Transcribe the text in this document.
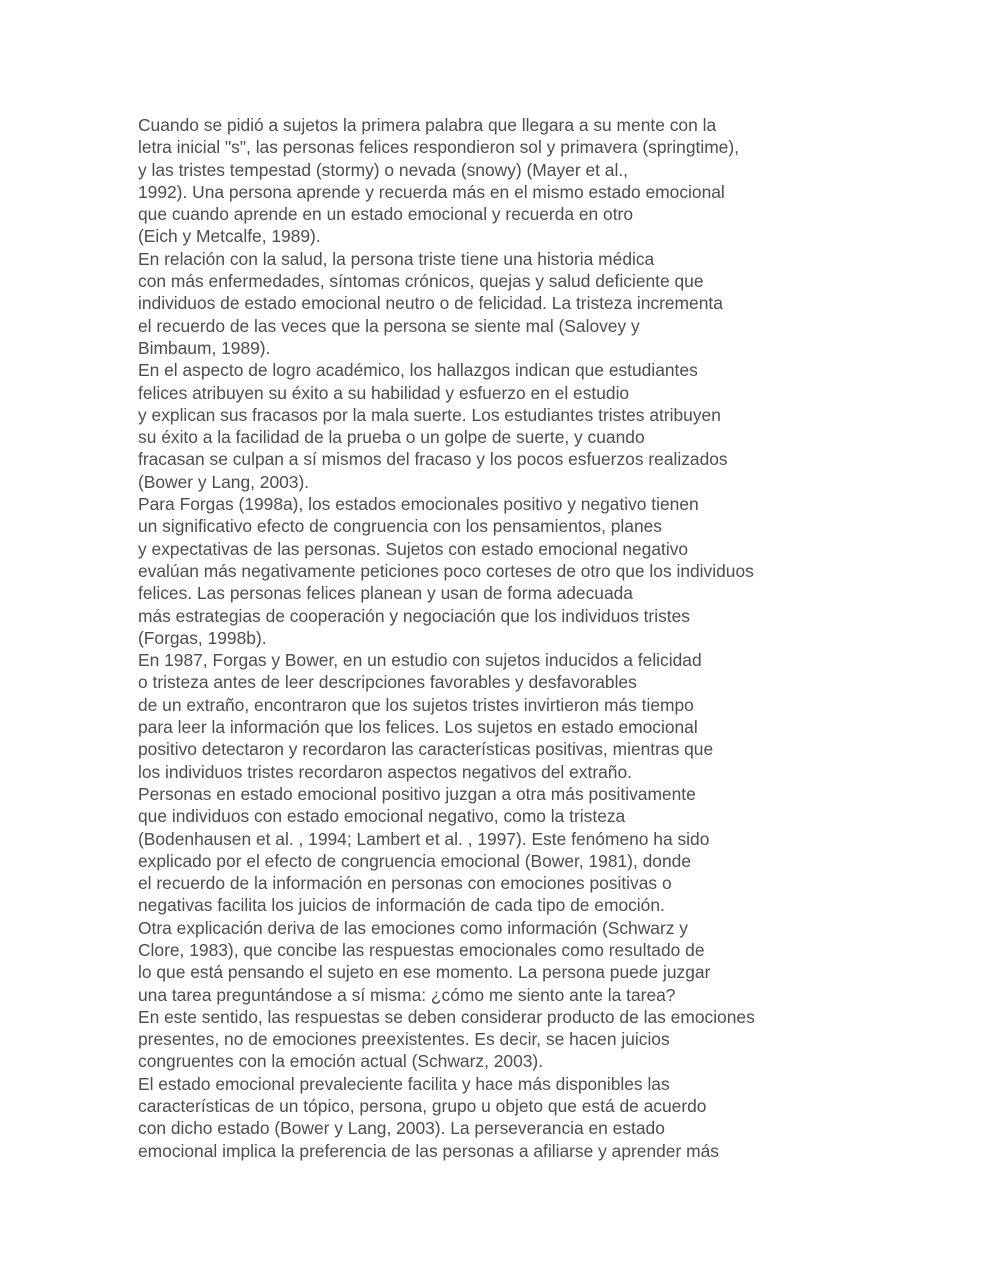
Cuando se pidió a sujetos la primera palabra que llegara a su mente con la
letra inicial "s", las personas felices respondieron sol y primavera (springtime),
y las tristes tempestad (stormy) o nevada (snowy) (Mayer et al.,
1992). Una persona aprende y recuerda más en el mismo estado emocional
que cuando aprende en un estado emocional y recuerda en otro
(Eich y Metcalfe, 1989).
En relación con la salud, la persona triste tiene una historia médica
con más enfermedades, síntomas crónicos, quejas y salud deficiente que
individuos de estado emocional neutro o de felicidad. La tristeza incrementa
el recuerdo de las veces que la persona se siente mal (Salovey y
Bimbaum, 1989).
En el aspecto de logro académico, los hallazgos indican que estudiantes
felices atribuyen su éxito a su habilidad y esfuerzo en el estudio
y explican sus fracasos por la mala suerte. Los estudiantes tristes atribuyen
su éxito a la facilidad de la prueba o un golpe de suerte, y cuando
fracasan se culpan a sí mismos del fracaso y los pocos esfuerzos realizados
(Bower y Lang, 2003).
Para Forgas (1998a), los estados emocionales positivo y negativo tienen
un significativo efecto de congruencia con los pensamientos, planes
y expectativas de las personas. Sujetos con estado emocional negativo
evalúan más negativamente peticiones poco corteses de otro que los individuos
felices. Las personas felices planean y usan de forma adecuada
más estrategias de cooperación y negociación que los individuos tristes
(Forgas, 1998b).
En 1987, Forgas y Bower, en un estudio con sujetos inducidos a felicidad
o tristeza antes de leer descripciones favorables y desfavorables
de un extraño, encontraron que los sujetos tristes invirtieron más tiempo
para leer la información que los felices. Los sujetos en estado emocional
positivo detectaron y recordaron las características positivas, mientras que
los individuos tristes recordaron aspectos negativos del extraño.
Personas en estado emocional positivo juzgan a otra más positivamente
que individuos con estado emocional negativo, como la tristeza
(Bodenhausen et al. , 1994; Lambert et al. , 1997). Este fenómeno ha sido
explicado por el efecto de congruencia emocional (Bower, 1981), donde
el recuerdo de la información en personas con emociones positivas o
negativas facilita los juicios de información de cada tipo de emoción.
Otra explicación deriva de las emociones como información (Schwarz y
Clore, 1983), que concibe las respuestas emocionales como resultado de
lo que está pensando el sujeto en ese momento. La persona puede juzgar
una tarea preguntándose a sí misma: ¿cómo me siento ante la tarea?
En este sentido, las respuestas se deben considerar producto de las emociones
presentes, no de emociones preexistentes. Es decir, se hacen juicios
congruentes con la emoción actual (Schwarz, 2003).
El estado emocional prevaleciente facilita y hace más disponibles las
características de un tópico, persona, grupo u objeto que está de acuerdo
con dicho estado (Bower y Lang, 2003). La perseverancia en estado
emocional implica la preferencia de las personas a afiliarse y aprender más
